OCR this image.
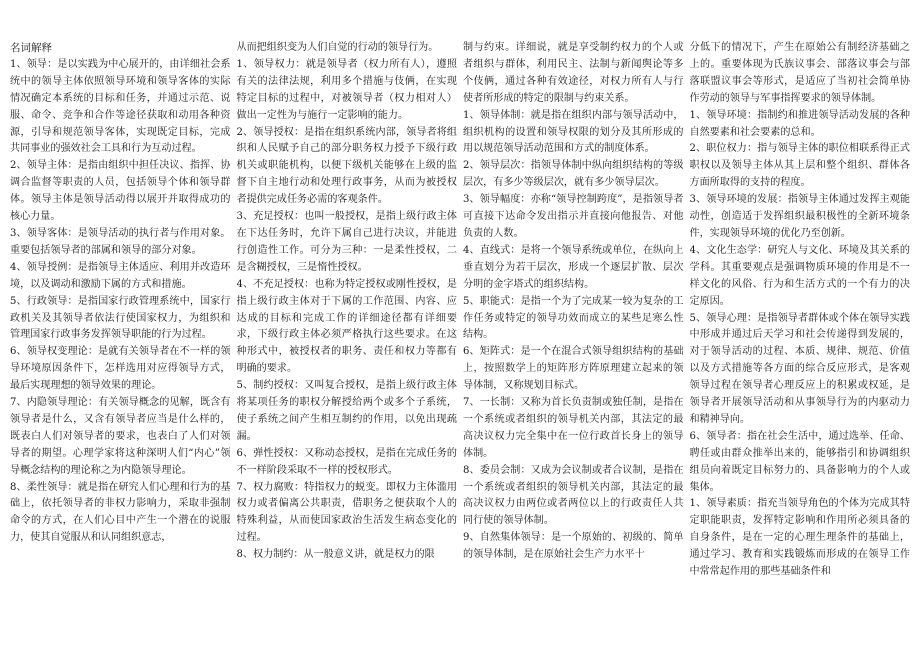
名词解释

1、领导：是以实践为中心展开的，由详细社会系统中的领导主体依照领导环境和领导客体的实际情况确定本系统的目标和任务，并通过示范、说服、命令、竞争和合作等途径获取和动用各种资源，引导和规范领导客体，实现既定目标，完成共同事业的强效社会工具和行为互动过程。

2、领导主体：是指由组织中担任决议、指挥、协调合监督等职责的人员，包括领导个体和领导群体。领导主体是领导活动得以展开并取得成功的核心力量。

3、领导客体：是领导活动的执行者与作用对象。重要包括领导者的部属和领导的部分对象。

4、领导授例：是指领导主体适应、利用并改造环境，以及调动和激励下属的方式和措施。

5、行政领导：是指国家行政管理系统中，国家行政机关及其领导者依法行使国家权力，为组织和管理国家行政事务发挥领导职能的行为过程。

6、领导权变理论：是就有关领导者在不一样的领导环境原因条件下，怎样选用对应得领导方式，最后实现理想的领导效果的理论。

7、内隐领导理论：有关领导概念的见解，既含有领导者是什么，又含有领导者应当是什么样的，既表白人们对领导者的要求，也表白了人们对领导者的期望。心理学家将这种深明人们“内心”领导概念结构的理论称之为内隐领导理论。

8、柔性领导：就是指在研究人们心理和行为的基础上，依托领导者的非权力影响力，采取非强制命令的方式，在人们心目中产生一个潜在的说服力，使其自觉服从和认同组织意志，

从而把组织变为人们自觉的行动的领导行为。

1、领导权力：就是领导者（权力所有人），遵照有关的法律法规，利用多个措施与伎俩，在实现特定目标的过程中，对被领导者（权力相对人）做出一定性为与施行一定影响的能力。

2、领导授权：是指在组织系统内部，领导者将组织和人民赋予自己的部分职务权力授予下级行政机关或职能机构，以便下级机关能够在上级的监督下自主地行动和处理行政事务，从而为被授权者提供完成任务必需的客观条件。

3、充足授权：也叫一般授权，是指上级行政主体在下达任务时，允许下属自己进行决议，并能进行创造性工作。可分为三种：一是柔性授权，二是含糊授权，三是惰性授权。

4、不充足授权：也称为特定授权或刚性授权，是指上级行政主体对于下属的工作范围、内容、应达成的目标和完成工作的详细途径都有详细要求，下级行政主体必须严格执行这些要求。在这种形式中，被授权者的职务、责任和权力等都有明确的要求。

5、制约授权：又叫复合授权，是指上级行政主体将某项任务的职权分解授给两个或多个子系统，使子系统之间产生相互制约的作用，以免出现疏漏。

6、弹性授权：又称动态授权，是指在完成任务的不一样阶段采取不一样的授权形式。

7、权力腐败：特指权力的蜕变。即权力主体滥用权力或者偏离公共职责，借职务之便获取个人的特殊利益，从而使国家政治生活发生病态变化的过程。

8、权力制约：从一般意义讲，就是权力的限

制与约束。详细说，就是享受制约权力的个人或者组织与群体，利用民主、法制与新闻舆论等多个伎俩，通过各种有效途径，对权力所有人与行使者所形成的特定的限制与约束关系。

1、领导体制：就是指在组织内部与领导活动中，组织机构的设置和领导权限的划分及其所形成的用以规范领导活动范围和方式的制度体系。

2、领导层次：指领导体制中纵向组织结构的等级层次，有多少等级层次，就有多少领导层次。

3、领导幅度：亦称“领导控制跨度”，是指领导者可直接下达命令发出指示并直接向他报告、对他负责的人数。

4、直线式：是将一个领导系统或单位，在纵向上垂直划分为若干层次，形成一个逐层扩散、层次分明的金字塔式的组织结构。

5、职能式：是指一个为了完成某一较为复杂的工作任务或特定的领导功效而成立的某些足寒么性结构。

6、矩阵式：是一个在混合式领导组织结构的基础上，按照数学上的矩阵形方阵原理建立起来的领导体制，又称规划目标式。

7、一长制：又称为首长负责制或独任制，是指在一个系统或者组织的领导机关内部，其法定的最高决议权力完全集中在一位行政首长身上的领导体制。

8、委员会制：又成为会议制或者合议制，是指在一个系统或者组织的领导机关内部，其法定的最高决议权力由两位或者两位以上的行政责任人共同行使的领导体制。

9、自然集体领导：是一个原始的、初级的、简单的领导体制，是在原始社会生产力水平十

分低下的情况下，产生在原始公有制经济基础之上的。重要体现为氏族议事会、部落议事会与部落联盟议事会等形式，是适应了当初社会简单协作劳动的领导与军事指挥要求的领导体制。

1、领导环境：指制约和推进领导活动发展的各种自然要素和社会要素的总和。

2、职位权力：指与领导主体的职位相联系得正式职权以及领导主体从其上层和整个组织、群体各方面所取得的支持的程度。

3、领导环境的发展：指领导主体通过发挥主观能动性，创造适于发挥组织最积极性的全新环境条件，实现领导环境的优化乃至创新。

4、文化生态学：研究人与文化、环境及其关系的学科。其重要观点是强调物质环境的作用是不一样文化的风俗、行为和生活方式的一个有力的决定原因。

5、领导心理：是指领导者群体或个体在领导实践中形成并通过后天学习和社会传递得到发展的，对于领导活动的过程、本质、规律、规范、价值以及方式措施等各方面的综合反应形式，是客观领导过程在领导者心理反应上的积累或权延，是领导者开展领导活动和从事领导行为的内驱动力和精神导向。

6、领导者：指在社会生活中，通过选举、任命、聘任或由群众推举出来的，能够指引和协调组织组员向着既定目标努力的、具备影响力的个人或集体。

1、领导素质：指充当领导角色的个体为完成其特定职能职责，发挥特定影响和作用所必须具备的自身条件，是在一定的心理生理条件的基础上，通过学习、教育和实践锻炼而形成的在领导工作中常常起作用的那些基础条件和
